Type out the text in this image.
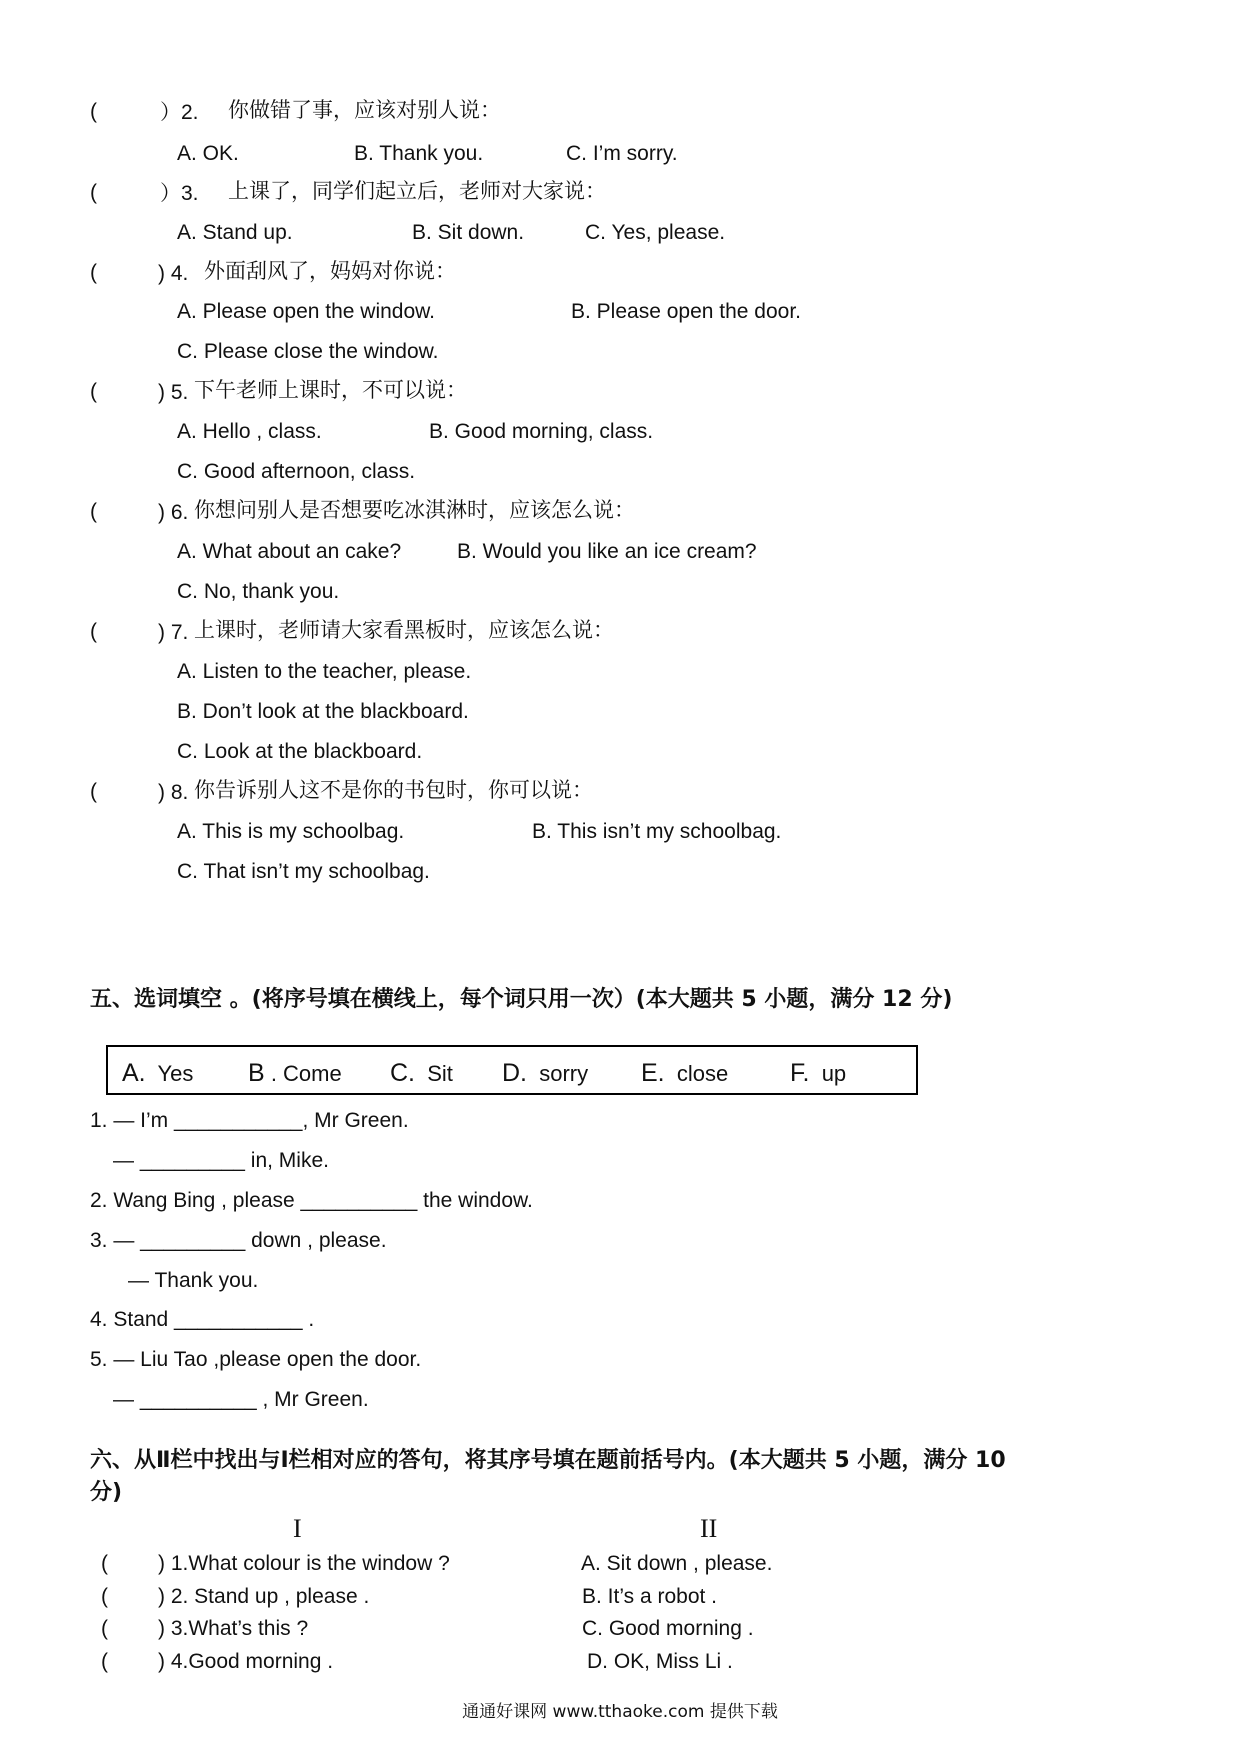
(	）2. 你做错了事，应该对别人说：
A. OK.	B. Thank you.	C. I’m sorry.
(	）3. 上课了，同学们起立后，老师对大家说：
A. Stand up.	B. Sit down.	C. Yes, please.
(	) 4. 外面刮风了，妈妈对你说：
A. Please open the window.	B. Please open the door.
C. Please close the window.
(	) 5. 下午老师上课时，不可以说：
A. Hello , class.	B. Good morning, class.
C. Good afternoon, class.
(	) 6. 你想问别人是否想要吃冰淇淋时，应该怎么说：
A. What about an cake?	B. Would you like an ice cream?
C. No, thank you.
(	) 7. 上课时，老师请大家看黑板时，应该怎么说：
A. Listen to the teacher, please.
B. Don’t look at the blackboard.
C. Look at the blackboard.
(	) 8. 你告诉别人这不是你的书包时，你可以说：
A. This is my schoolbag.	B. This isn’t my schoolbag.
C. That isn’t my schoolbag.
五、选词填空 。(将序号填在横线上，每个词只用一次）(本大题共 5 小题，满分 12 分)
A. Yes B . Come C. Sit D. sorry E. close F. up
1. — I’m ___________, Mr Green.
— _________ in, Mike.
2. Wang Bing , please __________ the window.
3. — _________ down , please.
— Thank you.
4. Stand ___________ .
5. — Liu Tao ,please open the door.
— __________ , Mr Green.
六、从Ⅱ栏中找出与Ⅰ栏相对应的答句，将其序号填在题前括号内。(本大题共 5 小题，满分 10
分)
I	II
( ) 1.What colour is the window ?	A. Sit down , please.
( ) 2. Stand up , please .	B. It’s a robot .
( ) 3.What’s this ?	C. Good morning .
( ) 4.Good morning .	D. OK, Miss Li .
通通好课网 www.tthaoke.com 提供下载
